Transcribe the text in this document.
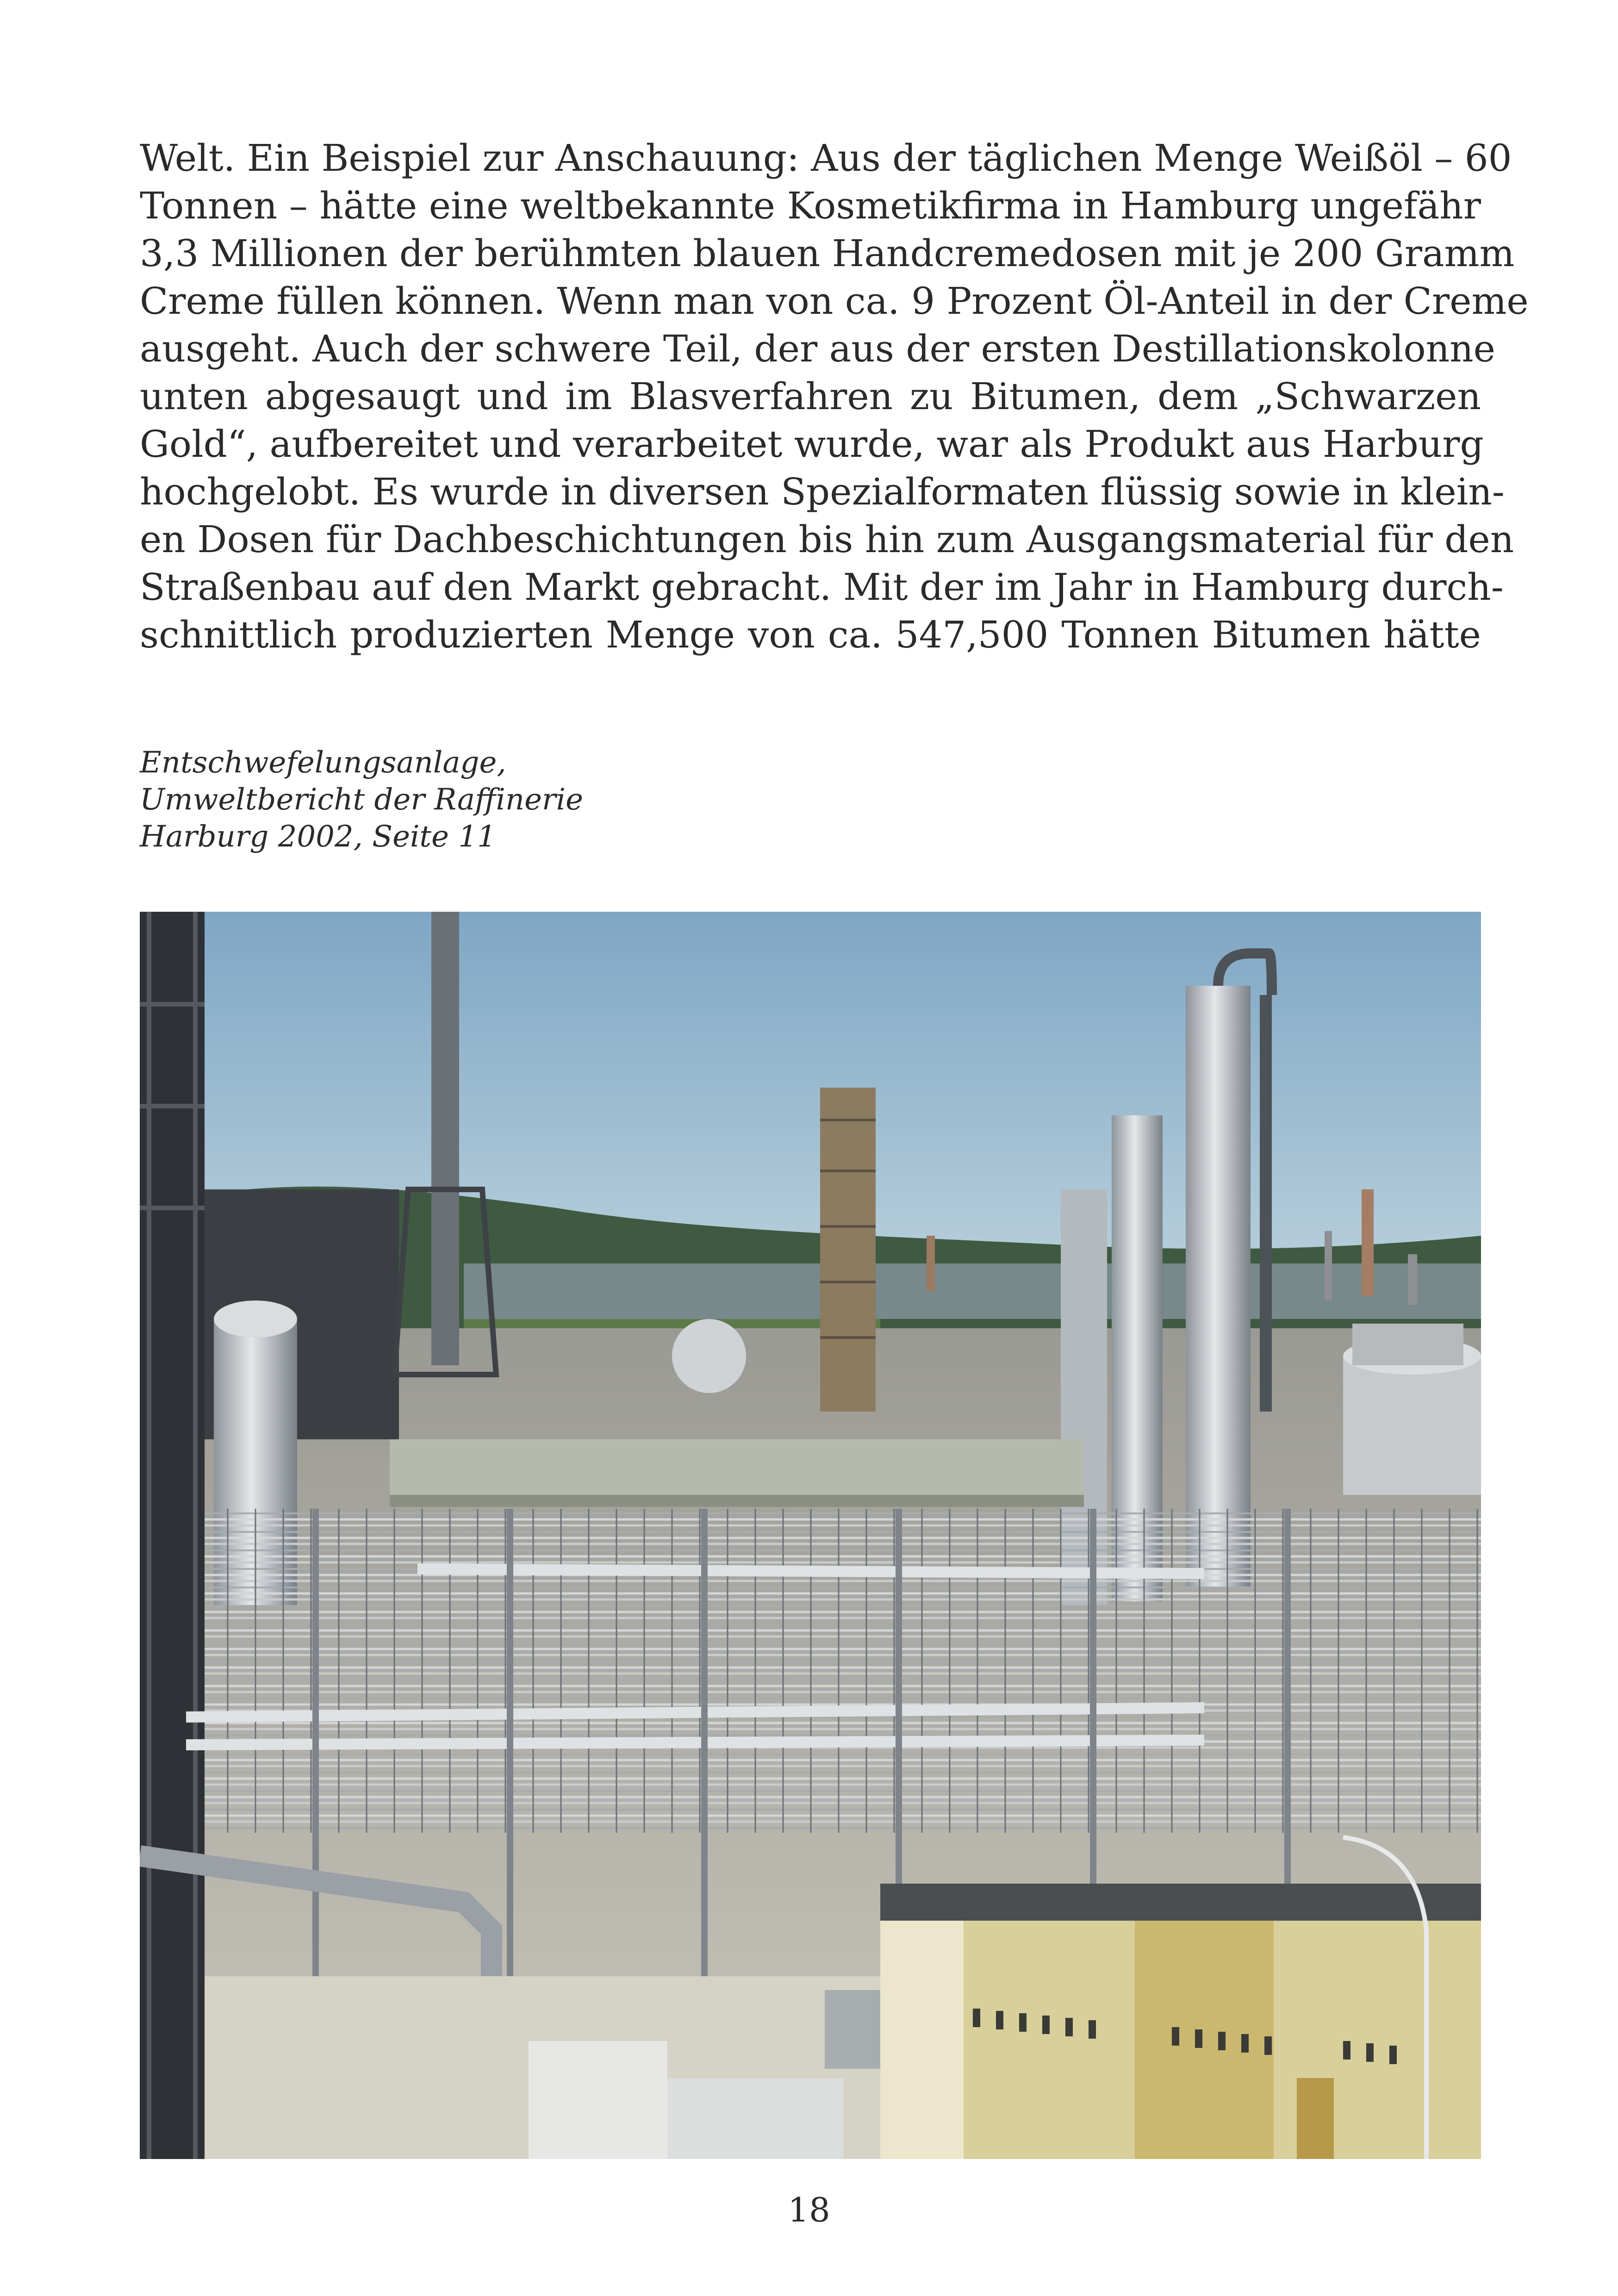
Welt. Ein Beispiel zur Anschauung: Aus der täglichen Menge Weißöl – 60
Tonnen – hätte eine weltbekannte Kosmetikfirma in Hamburg ungefähr
3,3 Millionen der berühmten blauen Handcremedosen mit je 200 Gramm
Creme füllen können. Wenn man von ca. 9 Prozent Öl-Anteil in der Creme
ausgeht. Auch der schwere Teil, der aus der ersten Destillationskolonne
unten abgesaugt und im Blasverfahren zu Bitumen, dem „Schwarzen
Gold“, aufbereitet und verarbeitet wurde, war als Produkt aus Harburg
hochgelobt. Es wurde in diversen Spezialformaten flüssig sowie in klein-
en Dosen für Dachbeschichtungen bis hin zum Ausgangsmaterial für den
Straßenbau auf den Markt gebracht. Mit der im Jahr in Hamburg durch-
schnittlich produzierten Menge von ca. 547,500 Tonnen Bitumen hätte
Entschwefelungsanlage,
Umweltbericht der Raffinerie
Harburg 2002, Seite 11
18
